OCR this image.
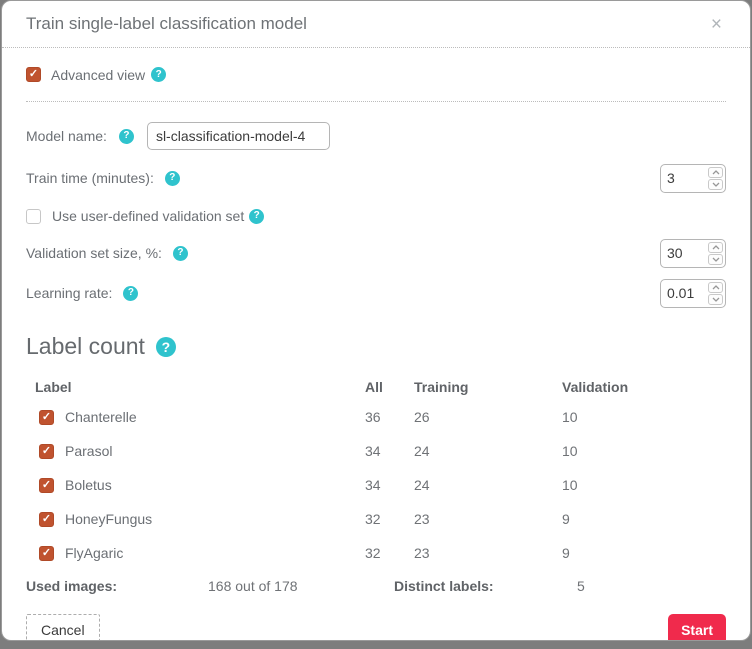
Train single-label classification model	×
✓ Advanced view	?
Model name:	?
sl-classification-model-4
Train time (minutes):	?
3
Use user-defined validation set ?
Validation set size, %:	?
30
Learning rate:	?
0.01
Label count	?
Label	All	Training	Validation
✓ Chanterelle	36	26	10
✓ Parasol	34	24	10
✓ Boletus	34	24	10
✓ HoneyFungus	32	23	9
✓ FlyAgaric	32	23	9
Used images:	168 out of 178	Distinct labels:	5
Cancel	Start
